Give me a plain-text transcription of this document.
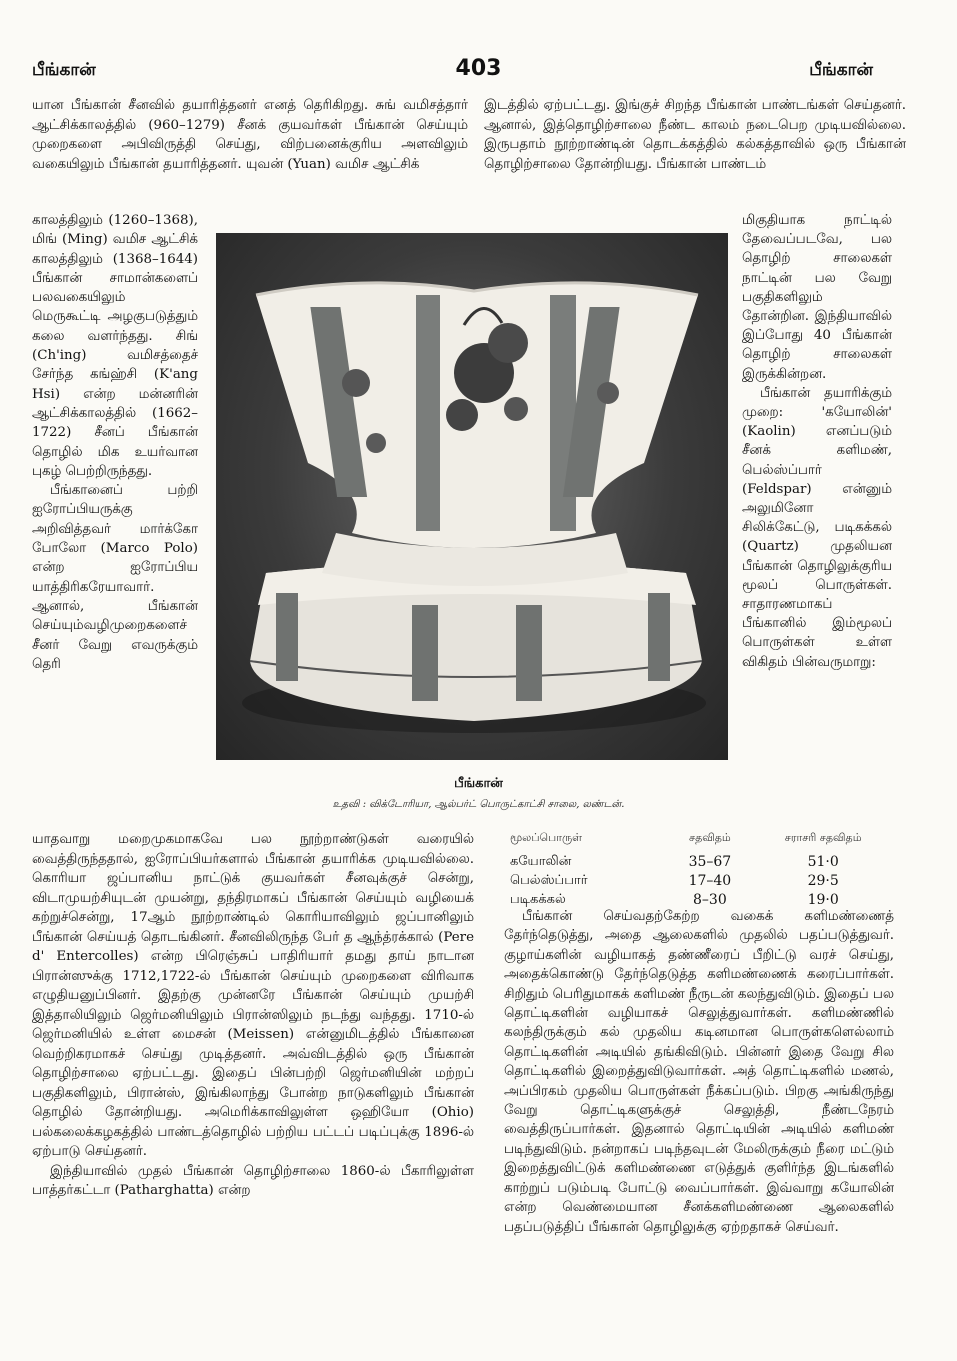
பீங்கான்	403	பீங்கான்

யான பீங்கான் சீனவில் தயாரித்தனர் எனத் தெரிகிறது. சுங் வமிசத்தார் ஆட்சிக்காலத்தில் (960–1279) சீனக் குயவர்கள் பீங்கான் செய்யும் முறைகளை அபிவிருத்தி செய்து, விற்பனைக்குரிய அளவிலும் வகையிலும் பீங்கான் தயாரித்தனர். யுவன் (Yuan) வமிச ஆட்சிக்

இடத்தில் ஏற்பட்டது. இங்குச் சிறந்த பீங்கான் பாண்டங்கள் செய்தனர். ஆனால், இத்தொழிற்சாலை நீண்ட காலம் நடைபெற முடியவில்லை. இருபதாம் நூற்றாண்டின் தொடக்கத்தில் கல்கத்தாவில் ஒரு பீங்கான் தொழிற்சாலை தோன்றியது. பீங்கான் பாண்டம்

காலத்திலும் (1260–1368), மிங் (Ming) வமிச ஆட்சிக் காலத்திலும் (1368–1644) பீங்கான் சாமான்களைப் பலவகையிலும் மெருகூட்டி அழகுபடுத்தும் கலை வளர்ந்தது. சிங் (Ch'ing) வமிசத்தைச் சேர்ந்த கங்ஹ்சி (K'ang Hsi) என்ற மன்னரின் ஆட்சிக்காலத்தில் (1662–1722) சீனப் பீங்கான் தொழில் மிக உயர்வான புகழ் பெற்றிருந்தது.

பீங்கானைப் பற்றி ஐரோப்பியருக்கு அறிவித்தவர் மார்க்கோ போலோ (Marco Polo) என்ற ஐரோப்பிய யாத்திரிகரேயாவார். ஆனால், பீங்கான் செய்யும்வழிமுறைகளைச் சீனர் வேறு எவருக்கும் தெரி

மிகுதியாக நாட்டில் தேவைப்படவே, பல தொழிற் சாலைகள் நாட்டின் பல வேறு பகுதிகளிலும் தோன்றின. இந்தியாவில் இப்போது 40 பீங்கான் தொழிற் சாலைகள் இருக்கின்றன.

பீங்கான் தயாரிக்கும் முறை: 'கயோலின்' (Kaolin) எனப்படும் சீனக் களிமண், பெல்ஸ்ப்பார் (Feldspar) என்னும் அலுமினோ சிலிக்கேட்டு, படிகக்கல் (Quartz) முதலியன பீங்கான் தொழிலுக்குரிய மூலப் பொருள்கள். சாதாரணமாகப் பீங்கானில் இம்மூலப் பொருள்கள் உள்ள விகிதம் பின்வருமாறு:

பீங்கான்
உதவி : விக்டோரியா, ஆல்பர்ட் பொருட்காட்சி சாலை, லண்டன்.

யாதவாறு மறைமுகமாகவே பல நூற்றாண்டுகள் வரையில் வைத்திருந்ததால், ஐரோப்பியர்களால் பீங்கான் தயாரிக்க முடியவில்லை. கொரியா ஜப்பானிய நாட்டுக் குயவர்கள் சீனவுக்குச் சென்று, விடாமுயற்சியுடன் முயன்று, தந்திரமாகப் பீங்கான் செய்யும் வழியைக் கற்றுச்சென்று, 17ஆம் நூற்றாண்டில் கொரியாவிலும் ஜப்பானிலும் பீங்கான் செய்யத் தொடங்கினர். சீனவிலிருந்த பேர் த ஆந்த்ரக்கால் (Pere d' Entercolles) என்ற பிரெஞ்சுப் பாதிரியார் தமது தாய் நாடான பிரான்ஸுக்கு 1712,1722-ல் பீங்கான் செய்யும் முறைகளை விரிவாக எழுதியனுப்பினர். இதற்கு முன்னரே பீங்கான் செய்யும் முயற்சி இத்தாலியிலும் ஜெர்மனியிலும் பிரான்ஸிலும் நடந்து வந்தது. 1710-ல் ஜெர்மனியில் உள்ள மைசன் (Meissen) என்னுமிடத்தில் பீங்கானை வெற்றிகரமாகச் செய்து முடித்தனர். அவ்விடத்தில் ஒரு பீங்கான் தொழிற்சாலை ஏற்பட்டது. இதைப் பின்பற்றி ஜெர்மனியின் மற்றப் பகுதிகளிலும், பிரான்ஸ், இங்கிலாந்து போன்ற நாடுகளிலும் பீங்கான் தொழில் தோன்றியது. அமெரிக்காவிலுள்ள ஒஹியோ (Ohio) பல்கலைக்கழகத்தில் பாண்டத்தொழில் பற்றிய பட்டப் படிப்புக்கு 1896-ல் ஏற்பாடு செய்தனர்.

இந்தியாவில் முதல் பீங்கான் தொழிற்சாலை 1860-ல் பீகாரிலுள்ள பாத்தர்கட்டா (Patharghatta) என்ற

மூலப்பொருள்	சதவிதம்	சராசரி சதவிதம்
கயோலின்	35–67	51·0
பெல்ஸ்ப்பார்	17–40	29·5
படிகக்கல்	8–30	19·0

பீங்கான் செய்வதற்கேற்ற வகைக் களிமண்ணைத் தேர்ந்தெடுத்து, அதை ஆலைகளில் முதலில் பதப்படுத்துவர். குழாய்களின் வழியாகத் தண்ணீரைப் பீறிட்டு வரச் செய்து, அதைக்கொண்டு தேர்ந்தெடுத்த களிமண்ணைக் கரைப்பார்கள். சிறிதும் பெரிதுமாகக் களிமண் நீருடன் கலந்துவிடும். இதைப் பல தொட்டிகளின் வழியாகச் செலுத்துவார்கள். களிமண்ணில் கலந்திருக்கும் கல் முதலிய கடினமான பொருள்களெல்லாம் தொட்டிகளின் அடியில் தங்கிவிடும். பின்னர் இதை வேறு சில தொட்டிகளில் இறைத்துவிடுவார்கள். அத் தொட்டிகளில் மணல், அப்பிரகம் முதலிய பொருள்கள் நீக்கப்படும். பிறகு அங்கிருந்து வேறு தொட்டிகளுக்குச் செலுத்தி, நீண்டநேரம் வைத்திருப்பார்கள். இதனால் தொட்டியின் அடியில் களிமண் படிந்துவிடும். நன்றாகப் படிந்தவுடன் மேலிருக்கும் நீரை மட்டும் இறைத்துவிட்டுக் களிமண்ணை எடுத்துக் குளிர்ந்த இடங்களில் காற்றுப் படும்படி போட்டு வைப்பார்கள். இவ்வாறு கயோலின் என்ற வெண்மையான சீனக்களிமண்ணை ஆலைகளில் பதப்படுத்திப் பீங்கான் தொழிலுக்கு ஏற்றதாகச் செய்வர்.
